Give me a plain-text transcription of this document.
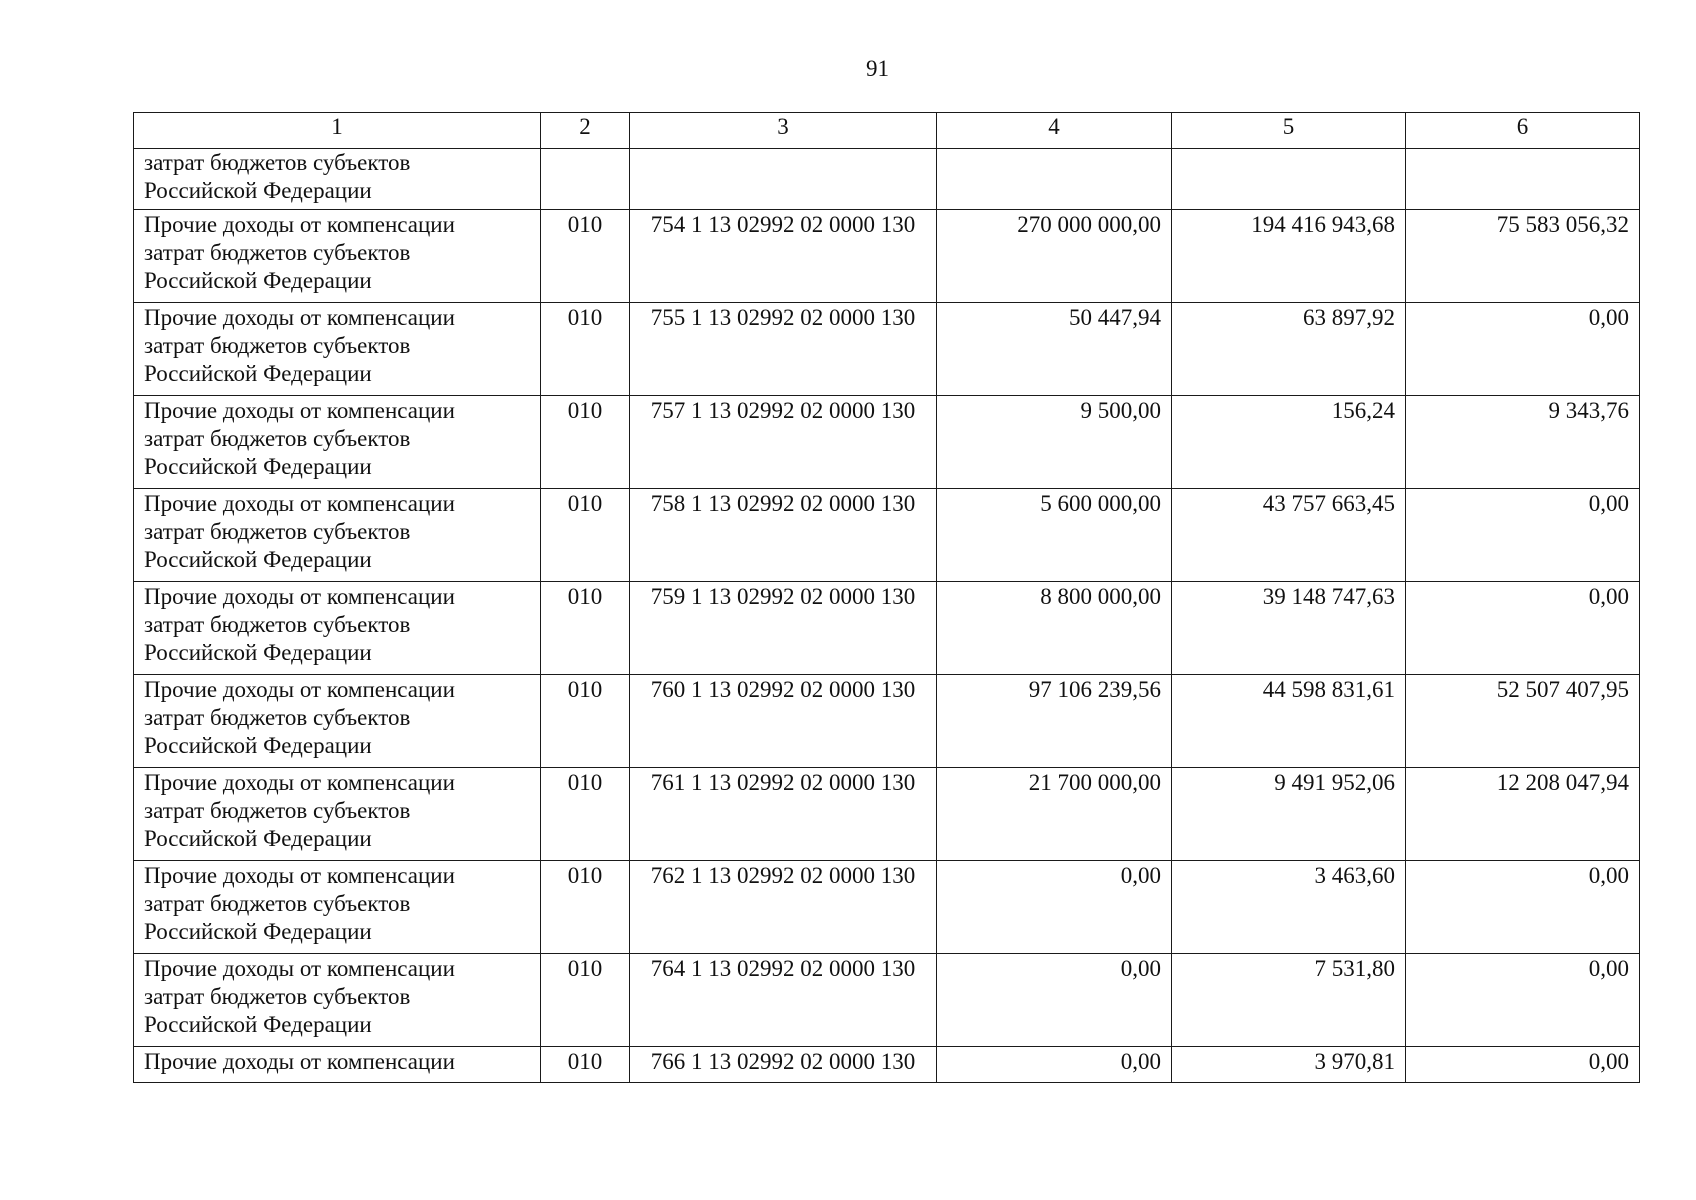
91
1	2	3	4	5	6

затрат бюджетов субъектов
Российской Федерации					

Прочие доходы от компенсации
затрат бюджетов субъектов
Российской Федерации	010	754 1 13 02992 02 0000 130	270 000 000,00	194 416 943,68	75 583 056,32

Прочие доходы от компенсации
затрат бюджетов субъектов
Российской Федерации	010	755 1 13 02992 02 0000 130	50 447,94	63 897,92	0,00

Прочие доходы от компенсации
затрат бюджетов субъектов
Российской Федерации	010	757 1 13 02992 02 0000 130	9 500,00	156,24	9 343,76

Прочие доходы от компенсации
затрат бюджетов субъектов
Российской Федерации	010	758 1 13 02992 02 0000 130	5 600 000,00	43 757 663,45	0,00

Прочие доходы от компенсации
затрат бюджетов субъектов
Российской Федерации	010	759 1 13 02992 02 0000 130	8 800 000,00	39 148 747,63	0,00

Прочие доходы от компенсации
затрат бюджетов субъектов
Российской Федерации	010	760 1 13 02992 02 0000 130	97 106 239,56	44 598 831,61	52 507 407,95

Прочие доходы от компенсации
затрат бюджетов субъектов
Российской Федерации	010	761 1 13 02992 02 0000 130	21 700 000,00	9 491 952,06	12 208 047,94

Прочие доходы от компенсации
затрат бюджетов субъектов
Российской Федерации	010	762 1 13 02992 02 0000 130	0,00	3 463,60	0,00

Прочие доходы от компенсации
затрат бюджетов субъектов
Российской Федерации	010	764 1 13 02992 02 0000 130	0,00	7 531,80	0,00

Прочие доходы от компенсации	010	766 1 13 02992 02 0000 130	0,00	3 970,81	0,00
